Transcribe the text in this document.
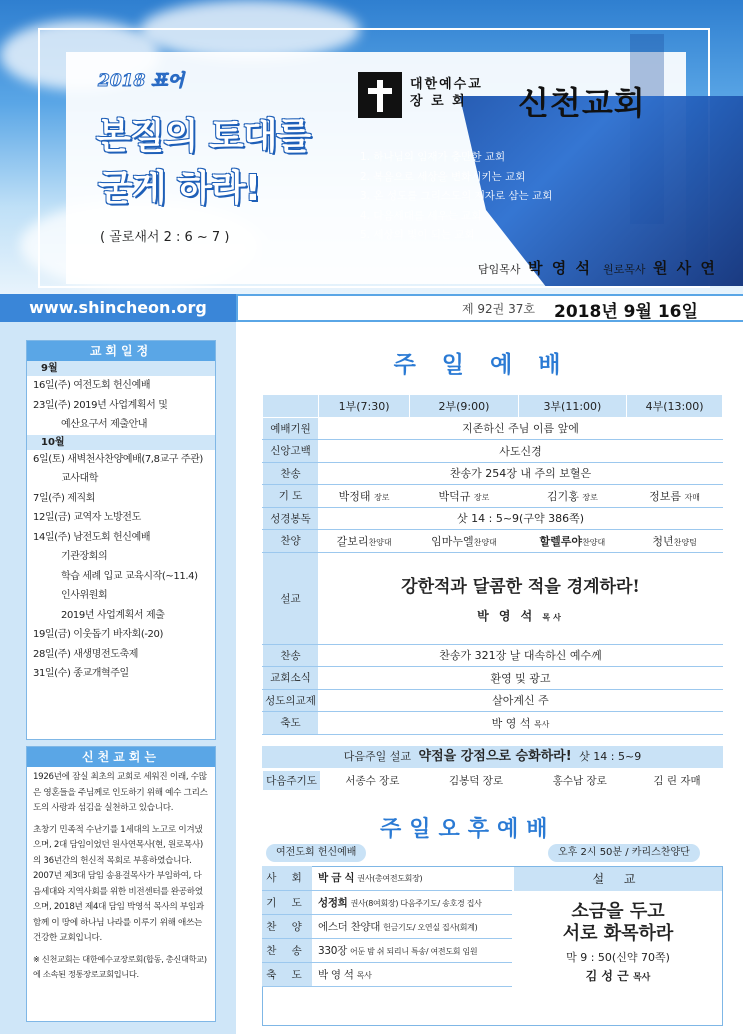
2018 표어
본질의 토대를
굳게 하라!
( 골로새서 2 : 6 ~ 7 )
대한예수교
장 로 회	신천교회
1. 하나님의 임재가 충만한 교회
2. 복음으로 세상을 변화시키는 교회
3. 온 성도를 그리스도의 제자로 삼는 교회
4. 다음세대를 세우는 교회
5. 세상의 빛이 되는 교회
담임목사 박 영 석 원로목사 원 사 연
www.shincheon.org	제 92권 37호 2018년 9월 16일
교회일정
9월
16일(주) 여전도회 헌신예배
23일(주) 2019년 사업계획서 및
예산요구서 제출안내
10월
6일(토) 새벽천사찬양예배(7,8교구 주관)
교사대학
7일(주) 제직회
12일(금) 교역자 노방전도
14일(주) 남전도회 헌신예배
기관장회의
학습 세례 입교 교육시작(~11.4)
인사위원회
2019년 사업계획서 제출
19일(금) 이웃돕기 바자회(-20)
28일(주) 새생명전도축제
31일(수) 종교개혁주일
신천교회는

1926년에 잠실 최초의 교회로 세워진 이래, 수많은 영혼들을 주님께로 인도하기 위해 예수 그리스도의 사랑과 섬김을 실천하고 있습니다.

초창기 민족적 수난기를 1세대의 노고로 이겨냈으며, 2대 담임이었던 원사연목사(현, 원로목사)의 36년간의 헌신적 목회로 부흥하였습니다. 2007년 제3대 담임 송용걸목사가 부임하여, 다음세대와 지역사회를 위한 비전센터를 완공하였으며, 2018년 제4대 담임 박영석 목사의 부임과 함께 이 땅에 하나님 나라를 이루기 위해 애쓰는 건강한 교회입니다.

※ 신천교회는 대한예수교장로회(합동, 총신대학교)에 소속된 정통장로교회입니다.

주일예배
	1부(7:30)	2부(9:00)	3부(11:00)	4부(13:00)
예배기원	지존하신 주님 이름 앞에			
신앙고백	사도신경			
찬송	찬송가 254장 내 주의 보혈은			
기 도	박정태 장로	박덕규 장로	김기홍 장로	정보름 자매
성경봉독	삿 14 : 5~9(구약 386쪽)			
찬양	갈보리찬양대	임마누엘찬양대	할렐루야찬양대	청년찬양팀
설교	강한적과 달콤한 적을 경계하라!
박 영 석 목사			

찬송	찬송가 321장 날 대속하신 예수께			
교회소식	환영 및 광고			
성도의교제	살아계신 주			
축도	박 영 석 목사			
다음주일 설교 약점을 강점으로 승화하라! 삿 14 : 5~9
다음주기도	서종수 장로	김봉덕 장로	홍수남 장로	김 린 자매
주일오후예배
여전도회 헌신예배	오후 2시 50분 / 카리스찬양단
사 회	박 금 식 권사(총여전도회장)
기 도	성정희 권사(8여회장) 다음주기도/ 송호경 집사
찬 양	에스더 찬양대 헌금기도/ 오연실 집사(회계)
찬 송	330장 어둔 밤 쉬 되리니 특송/ 여전도회 임원
축 도	박 영 석 목사
설 교
소금을 두고
서로 화목하라
막 9 : 50(신약 70쪽)
김 성 근 목사
